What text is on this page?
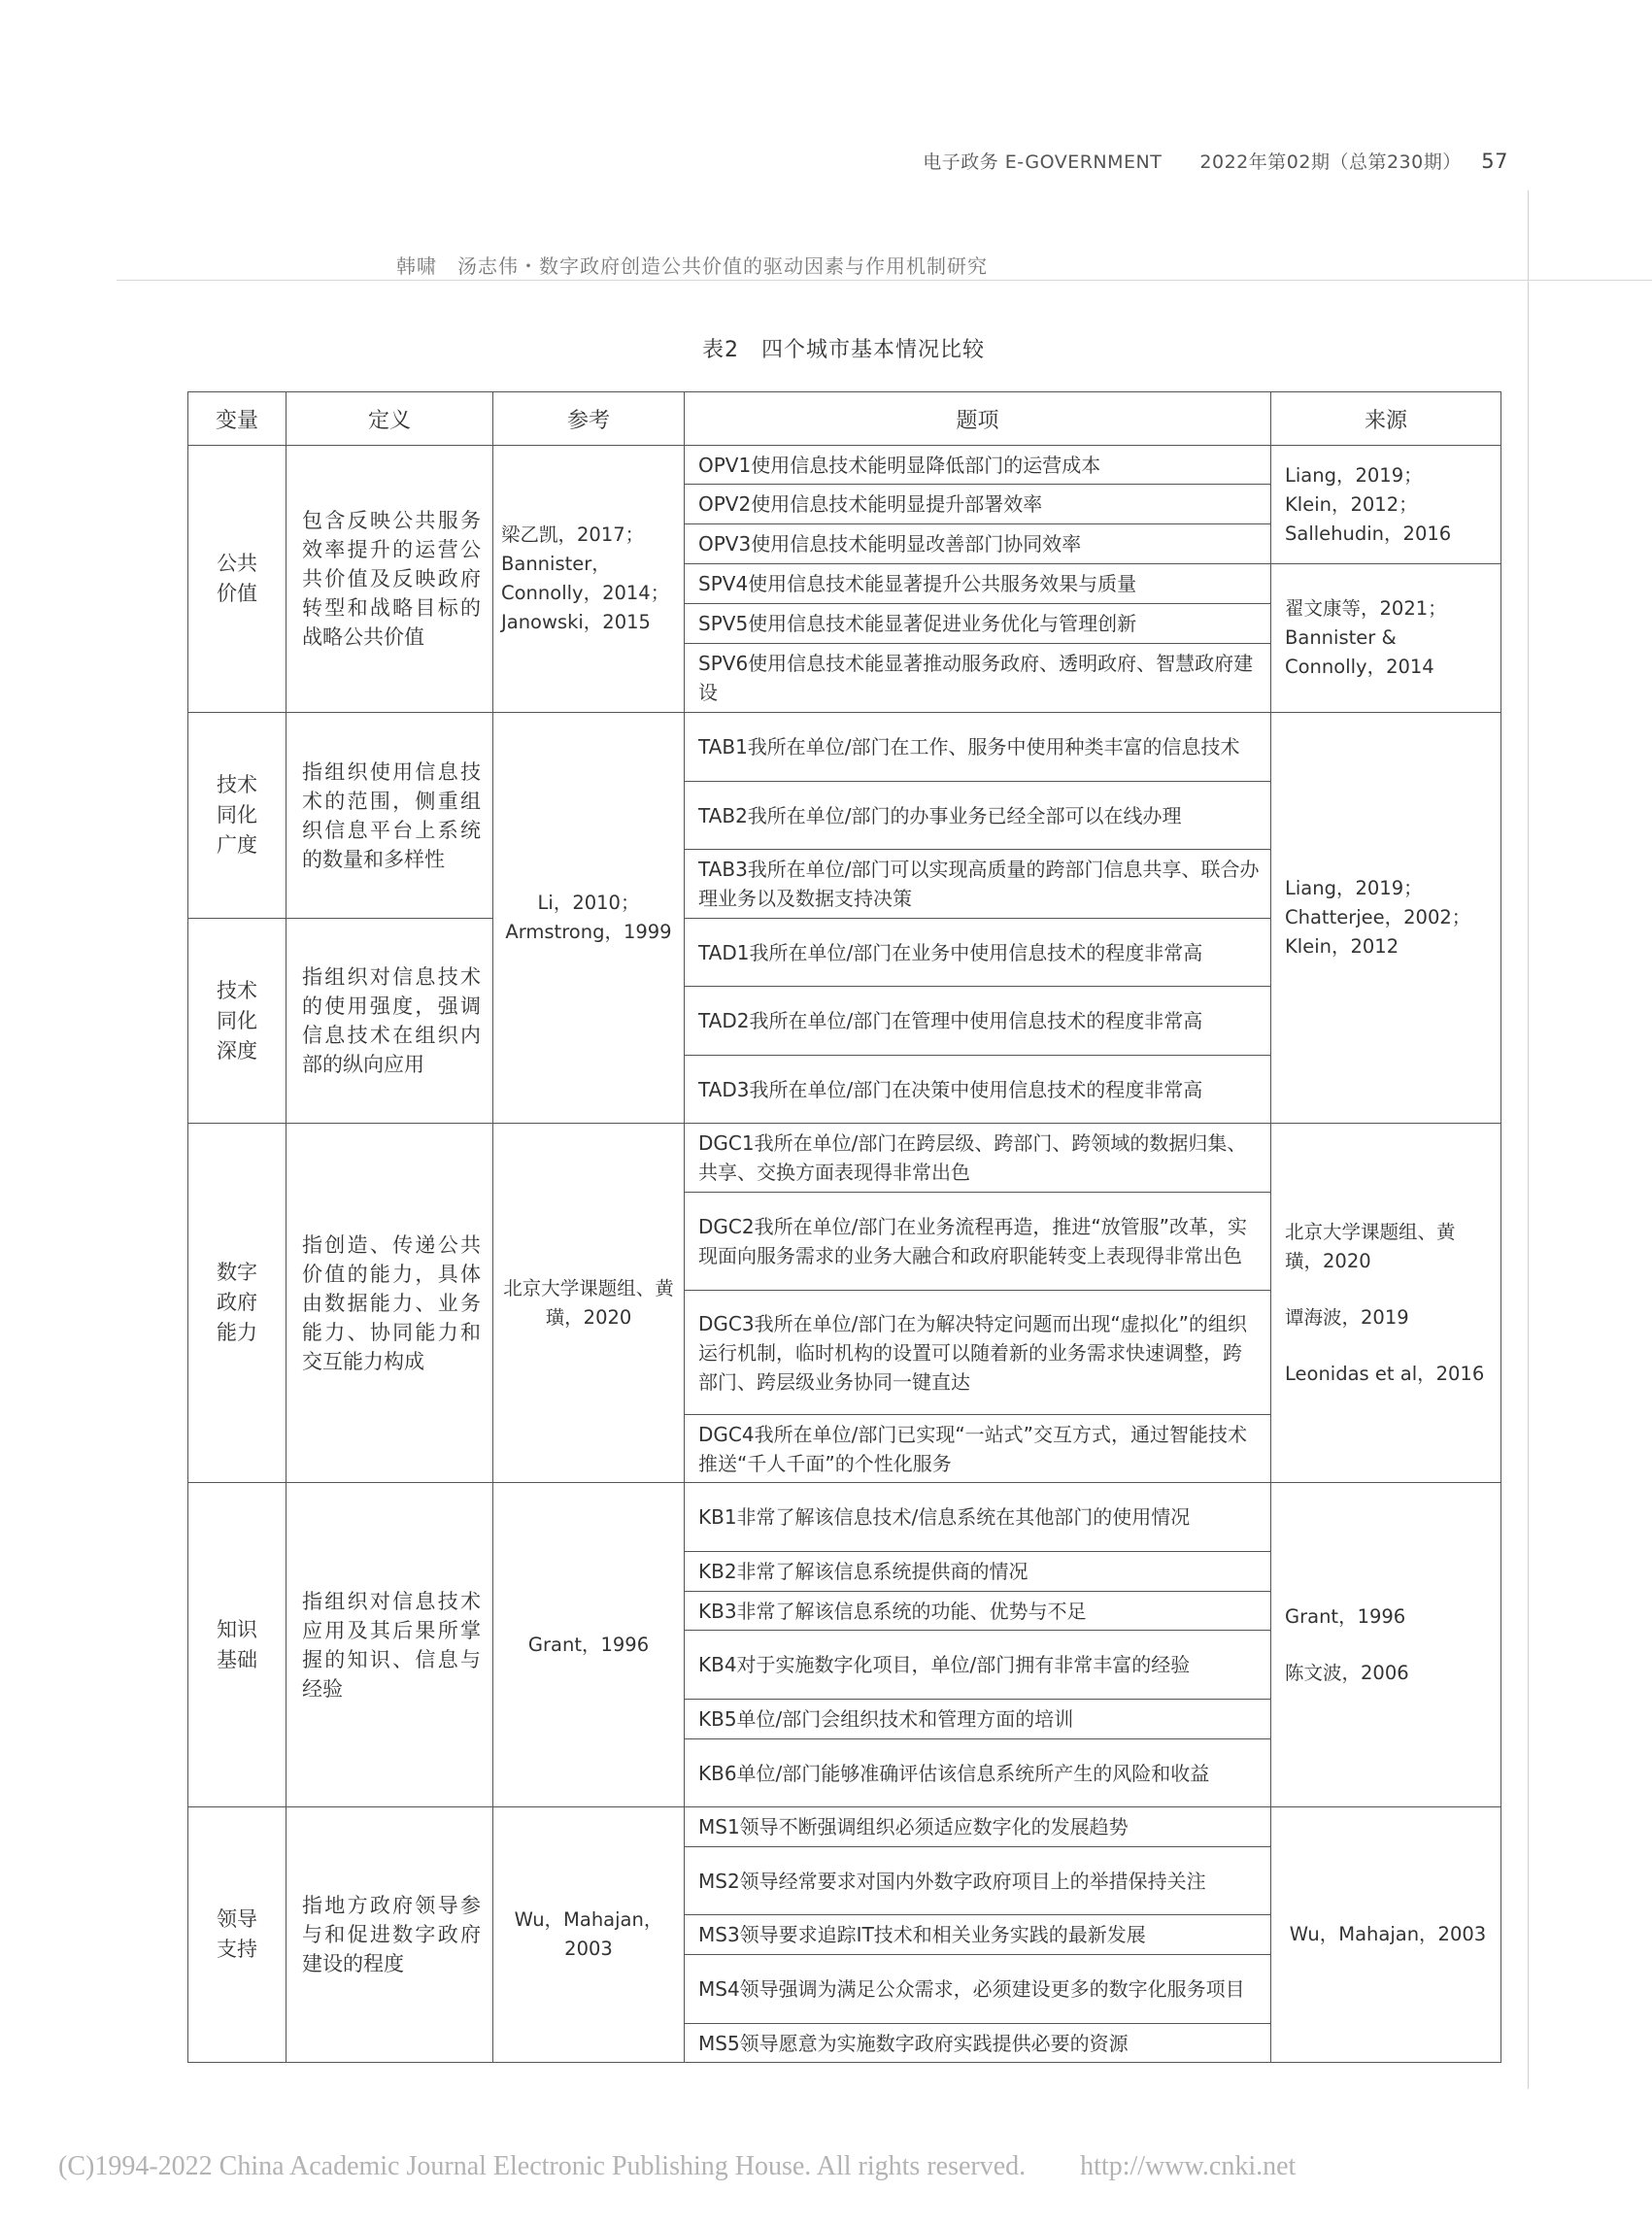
电子政务 E-GOVERNMENT 2022年第02期（总第230期） 57
韩啸　汤志伟・数字政府创造公共价值的驱动因素与作用机制研究
表2　四个城市基本情况比较
变量	定义	参考	题项	来源

公共价值	包含反映公共服务效率提升的运营公共价值及反映政府转型和战略目标的战略公共价值	梁乙凯，2017；Bannister，Connolly，2014；Janowski，2015	OPV1使用信息技术能明显降低部门的运营成本	Liang，2019；
Klein，2012；
Sallehudin，2016

			OPV2使用信息技术能明显提升部署效率	
			OPV3使用信息技术能明显改善部门协同效率	
			SPV4使用信息技术能显著提升公共服务效果与质量	翟文康等，2021；
Bannister &
Connolly，2014

			SPV5使用信息技术能显著促进业务优化与管理创新	
			SPV6使用信息技术能显著推动服务政府、透明政府、智慧政府建设	

技术同化广度	指组织使用信息技术的范围，侧重组织信息平台上系统的数量和多样性	Li，2010；Armstrong，1999	TAB1我所在单位/部门在工作、服务中使用种类丰富的信息技术	Liang，2019；
Chatterjee，2002；
Klein，2012

			TAB2我所在单位/部门的办事业务已经全部可以在线办理	
			TAB3我所在单位/部门可以实现高质量的跨部门信息共享、联合办理业务以及数据支持决策	

技术同化深度	指组织对信息技术的使用强度，强调信息技术在组织内部的纵向应用		TAD1我所在单位/部门在业务中使用信息技术的程度非常高	
			TAD2我所在单位/部门在管理中使用信息技术的程度非常高	
			TAD3我所在单位/部门在决策中使用信息技术的程度非常高	

数字政府能力	指创造、传递公共价值的能力，具体由数据能力、业务能力、协同能力和交互能力构成	北京大学课题组、黄璜，2020	DGC1我所在单位/部门在跨层级、跨部门、跨领域的数据归集、共享、交换方面表现得非常出色	北京大学课题组、黄璜，2020

谭海波，2019

Leonidas et al，2016

			DGC2我所在单位/部门在业务流程再造，推进“放管服”改革，实现面向服务需求的业务大融合和政府职能转变上表现得非常出色	
			DGC3我所在单位/部门在为解决特定问题而出现“虚拟化”的组织运行机制，临时机构的设置可以随着新的业务需求快速调整，跨部门、跨层级业务协同一键直达	
			DGC4我所在单位/部门已实现“一站式”交互方式，通过智能技术推送“千人千面”的个性化服务	

知识基础	指组织对信息技术应用及其后果所掌握的知识、信息与经验	Grant，1996	KB1非常了解该信息技术/信息系统在其他部门的使用情况	Grant，1996

陈文波，2006

			KB2非常了解该信息系统提供商的情况	
			KB3非常了解该信息系统的功能、优势与不足	
			KB4对于实施数字化项目，单位/部门拥有非常丰富的经验	
			KB5单位/部门会组织技术和管理方面的培训	
			KB6单位/部门能够准确评估该信息系统所产生的风险和收益	

领导支持	指地方政府领导参与和促进数字政府建设的程度	Wu，Mahajan，2003	MS1领导不断强调组织必须适应数字化的发展趋势	Wu，Mahajan，2003
			MS2领导经常要求对国内外数字政府项目上的举措保持关注	
			MS3领导要求追踪IT技术和相关业务实践的最新发展	
			MS4领导强调为满足公众需求，必须建设更多的数字化服务项目	
			MS5领导愿意为实施数字政府实践提供必要的资源	
(C)1994-2022 China Academic Journal Electronic Publishing House. All rights reserved.　　http://www.cnki.net
